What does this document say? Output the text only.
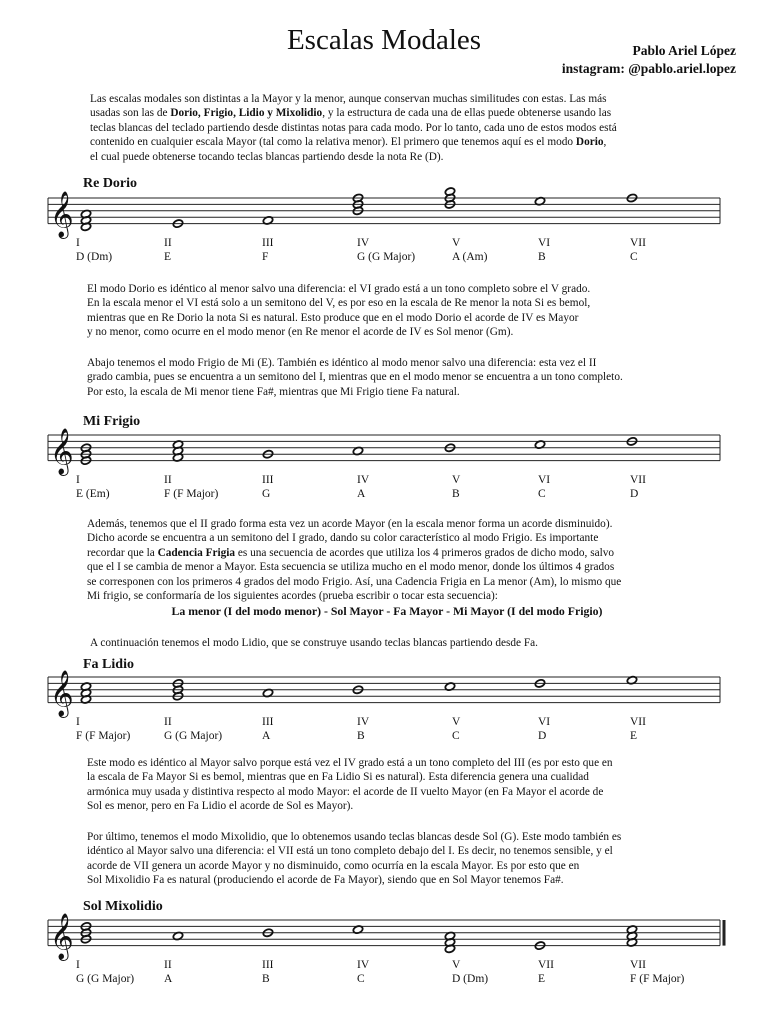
Escalas Modales	Pablo Ariel López
instagram: @pablo.ariel.lopez
Las escalas modales son distintas a la Mayor y la menor, aunque conservan muchas similitudes con estas. Las más
usadas son las de Dorio, Frigio, Lidio y Mixolidio, y la estructura de cada una de ellas puede obtenerse usando las
teclas blancas del teclado partiendo desde distintas notas para cada modo. Por lo tanto, cada uno de estos modos está
contenido en cualquier escala Mayor (tal como la relativa menor). El primero que tenemos aquí es el modo Dorio,
el cual puede obtenerse tocando teclas blancas partiendo desde la nota Re (D).
Re Dorio
𝄞
I
D (Dm)
II
E
III
F
IV
G (G Major)
V
A (Am)
VI
B
VII
C
El modo Dorio es idéntico al menor salvo una diferencia: el VI grado está a un tono completo sobre el V grado.
En la escala menor el VI está solo a un semitono del V, es por eso en la escala de Re menor la nota Si es bemol,
mientras que en Re Dorio la nota Si es natural. Esto produce que en el modo Dorio el acorde de IV es Mayor
y no menor, como ocurre en el modo menor (en Re menor el acorde de IV es Sol menor (Gm).
Abajo tenemos el modo Frigio de Mi (E). También es idéntico al modo menor salvo una diferencia: esta vez el II
grado cambia, pues se encuentra a un semitono del I, mientras que en el modo menor se encuentra a un tono completo.
Por esto, la escala de Mi menor tiene Fa#, mientras que Mi Frigio tiene Fa natural.
Mi Frigio
𝄞
I
E (Em)
II
F (F Major)
III
G
IV
A
V
B
VI
C
VII
D
Además, tenemos que el II grado forma esta vez un acorde Mayor (en la escala menor forma un acorde disminuido).
Dicho acorde se encuentra a un semitono del I grado, dando su color característico al modo Frigio. Es importante
recordar que la Cadencia Frigia es una secuencia de acordes que utiliza los 4 primeros grados de dicho modo, salvo
que el I se cambia de menor a Mayor. Esta secuencia se utiliza mucho en el modo menor, donde los últimos 4 grados
se corresponen con los primeros 4 grados del modo Frigio. Así, una Cadencia Frigia en La menor (Am), lo mismo que
Mi frigio, se conformaría de los siguientes acordes (prueba escribir o tocar esta secuencia):
La menor (I del modo menor) - Sol Mayor - Fa Mayor - Mi Mayor (I del modo Frigio)
A continuación tenemos el modo Lidio, que se construye usando teclas blancas partiendo desde Fa.
Fa Lidio
𝄞
I
F (F Major)
II
G (G Major)
III
A
IV
B
V
C
VI
D
VII
E
Este modo es idéntico al Mayor salvo porque está vez el IV grado está a un tono completo del III (es por esto que en
la escala de Fa Mayor Si es bemol, mientras que en Fa Lidio Si es natural). Esta diferencia genera una cualidad
armónica muy usada y distintiva respecto al modo Mayor: el acorde de II vuelto Mayor (en Fa Mayor el acorde de
Sol es menor, pero en Fa Lidio el acorde de Sol es Mayor).
Por último, tenemos el modo Mixolidio, que lo obtenemos usando teclas blancas desde Sol (G). Este modo también es
idéntico al Mayor salvo una diferencia: el VII está un tono completo debajo del I. Es decir, no tenemos sensible, y el
acorde de VII genera un acorde Mayor y no disminuido, como ocurría en la escala Mayor. Es por esto que en
Sol Mixolidio Fa es natural (produciendo el acorde de Fa Mayor), siendo que en Sol Mayor tenemos Fa#.
Sol Mixolidio
𝄞
I
G (G Major)
II
A
III
B
IV
C
V
D (Dm)
VII
E
VII
F (F Major)
